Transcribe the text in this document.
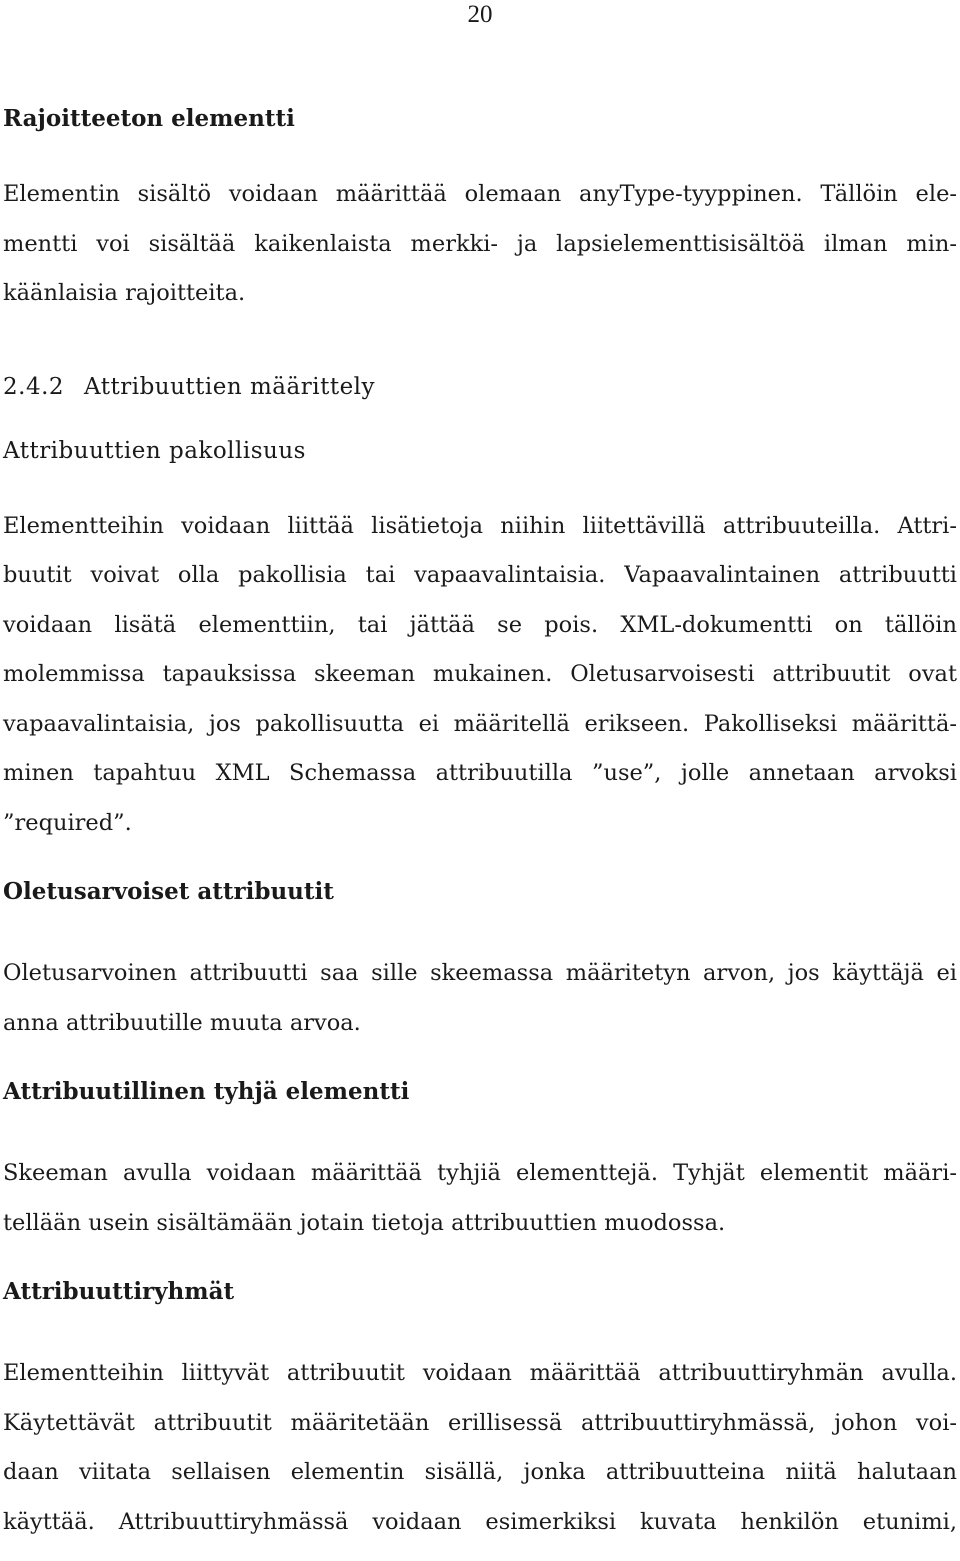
20
Rajoitteeton elementti

Elementin sisältö voidaan määrittää olemaan anyType-tyyppinen. Tällöin ele-
mentti voi sisältää kaikenlaista merkki- ja lapsielementtisisältöä ilman min-
käänlaisia rajoitteita.

2.4.2 Attribuuttien määrittely
Attribuuttien pakollisuus

Elementteihin voidaan liittää lisätietoja niihin liitettävillä attribuuteilla. Attri-
buutit voivat olla pakollisia tai vapaavalintaisia. Vapaavalintainen attribuutti
voidaan lisätä elementtiin, tai jättää se pois. XML-dokumentti on tällöin
molemmissa tapauksissa skeeman mukainen. Oletusarvoisesti attribuutit ovat
vapaavalintaisia, jos pakollisuutta ei määritellä erikseen. Pakolliseksi määrittä-
minen tapahtuu XML Schemassa attribuutilla ”use”, jolle annetaan arvoksi
”required”.

Oletusarvoiset attribuutit

Oletusarvoinen attribuutti saa sille skeemassa määritetyn arvon, jos käyttäjä ei
anna attribuutille muuta arvoa.

Attribuutillinen tyhjä elementti

Skeeman avulla voidaan määrittää tyhjiä elementtejä. Tyhjät elementit määri-
tellään usein sisältämään jotain tietoja attribuuttien muodossa.

Attribuuttiryhmät

Elementteihin liittyvät attribuutit voidaan määrittää attribuuttiryhmän avulla.
Käytettävät attribuutit määritetään erillisessä attribuuttiryhmässä, johon voi-
daan viitata sellaisen elementin sisällä, jonka attribuutteina niitä halutaan
käyttää. Attribuuttiryhmässä voidaan esimerkiksi kuvata henkilön etunimi,
